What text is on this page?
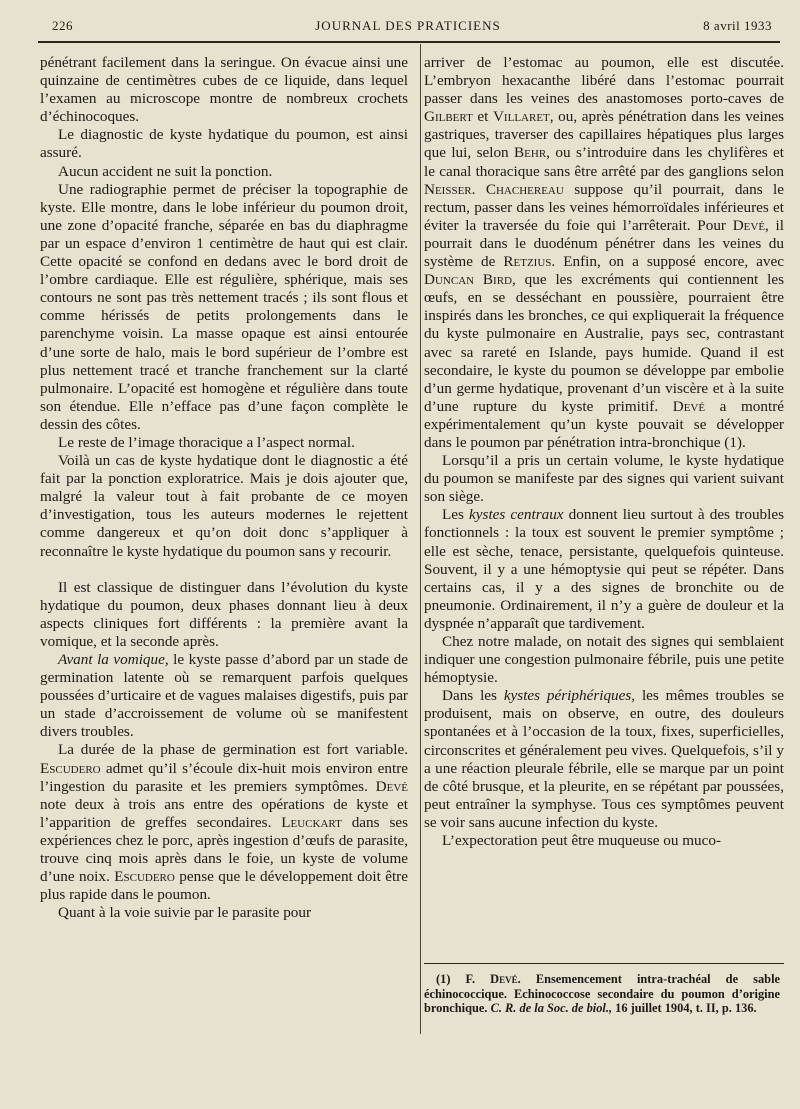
226	JOURNAL DES PRATICIENS	8 avril 1933

pénétrant facilement dans la seringue. On évacue ainsi une quinzaine de centimètres cubes de ce liquide, dans lequel l’examen au microscope montre de nombreux crochets d’échinocoques.

Le diagnostic de kyste hydatique du poumon, est ainsi assuré.

Aucun accident ne suit la ponction.

Une radiographie permet de préciser la topographie de kyste. Elle montre, dans le lobe inférieur du poumon droit, une zone d’opacité franche, séparée en bas du diaphragme par un espace d’environ 1 centimètre de haut qui est clair. Cette opacité se confond en dedans avec le bord droit de l’ombre cardiaque. Elle est régulière, sphérique, mais ses contours ne sont pas très nettement tracés ; ils sont flous et comme hérissés de petits prolongements dans le parenchyme voisin. La masse opaque est ainsi entourée d’une sorte de halo, mais le bord supérieur de l’ombre est plus nettement tracé et tranche franchement sur la clarté pulmonaire. L’opacité est homogène et régulière dans toute son étendue. Elle n’efface pas d’une façon complète le dessin des côtes.

Le reste de l’image thoracique a l’aspect normal.

Voilà un cas de kyste hydatique dont le diagnostic a été fait par la ponction exploratrice. Mais je dois ajouter que, malgré la valeur tout à fait probante de ce moyen d’investigation, tous les auteurs modernes le rejettent comme dangereux et qu’on doit donc s’appliquer à reconnaître le kyste hydatique du poumon sans y recourir.

Il est classique de distinguer dans l’évolution du kyste hydatique du poumon, deux phases donnant lieu à deux aspects cliniques fort différents : la première avant la vomique, et la seconde après.

Avant la vomique, le kyste passe d’abord par un stade de germination latente où se remarquent parfois quelques poussées d’urticaire et de vagues malaises digestifs, puis par un stade d’accroissement de volume où se manifestent divers troubles.

La durée de la phase de germination est fort variable. Escudero admet qu’il s’écoule dix-huit mois environ entre l’ingestion du parasite et les premiers symptômes. Devé note deux à trois ans entre des opérations de kyste et l’apparition de greffes secondaires. Leuckart dans ses expériences chez le porc, après ingestion d’œufs de parasite, trouve cinq mois après dans le foie, un kyste de volume d’une noix. Escudero pense que le développement doit être plus rapide dans le poumon.

Quant à la voie suivie par le parasite pour

arriver de l’estomac au poumon, elle est discutée. L’embryon hexacanthe libéré dans l’estomac pourrait passer dans les veines des anastomoses porto-caves de Gilbert et Villaret, ou, après pénétration dans les veines gastriques, traverser des capillaires hépatiques plus larges que lui, selon Behr, ou s’introduire dans les chylifères et le canal thoracique sans être arrêté par des ganglions selon Neisser. Chachereau suppose qu’il pourrait, dans le rectum, passer dans les veines hémorroïdales inférieures et éviter la traversée du foie qui l’arrêterait. Pour Devé, il pourrait dans le duodénum pénétrer dans les veines du système de Retzius. Enfin, on a supposé encore, avec Duncan Bird, que les excréments qui contiennent les œufs, en se desséchant en poussière, pourraient être inspirés dans les bronches, ce qui expliquerait la fréquence du kyste pulmonaire en Australie, pays sec, contrastant avec sa rareté en Islande, pays humide. Quand il est secondaire, le kyste du poumon se développe par embolie d’un germe hydatique, provenant d’un viscère et à la suite d’une rupture du kyste primitif. Devé a montré expérimentalement qu’un kyste pouvait se développer dans le poumon par pénétration intra-bronchique (1).

Lorsqu’il a pris un certain volume, le kyste hydatique du poumon se manifeste par des signes qui varient suivant son siège.

Les kystes centraux donnent lieu surtout à des troubles fonctionnels : la toux est souvent le premier symptôme ; elle est sèche, tenace, persistante, quelquefois quinteuse. Souvent, il y a une hémoptysie qui peut se répéter. Dans certains cas, il y a des signes de bronchite ou de pneumonie. Ordinairement, il n’y a guère de douleur et la dyspnée n’apparaît que tardivement.

Chez notre malade, on notait des signes qui semblaient indiquer une congestion pulmonaire fébrile, puis une petite hémoptysie.

Dans les kystes périphériques, les mêmes troubles se produisent, mais on observe, en outre, des douleurs spontanées et à l’occasion de la toux, fixes, superficielles, circonscrites et généralement peu vives. Quelquefois, s’il y a une réaction pleurale fébrile, elle se marque par un point de côté brusque, et la pleurite, en se répétant par poussées, peut entraîner la symphyse. Tous ces symptômes peuvent se voir sans aucune infection du kyste.

L’expectoration peut être muqueuse ou muco-

(1) F. Devé. Ensemencement intra-trachéal de sable échinococcique. Echinococcose secondaire du poumon d’origine bronchique. C. R. de la Soc. de biol., 16 juillet 1904, t. II, p. 136.
